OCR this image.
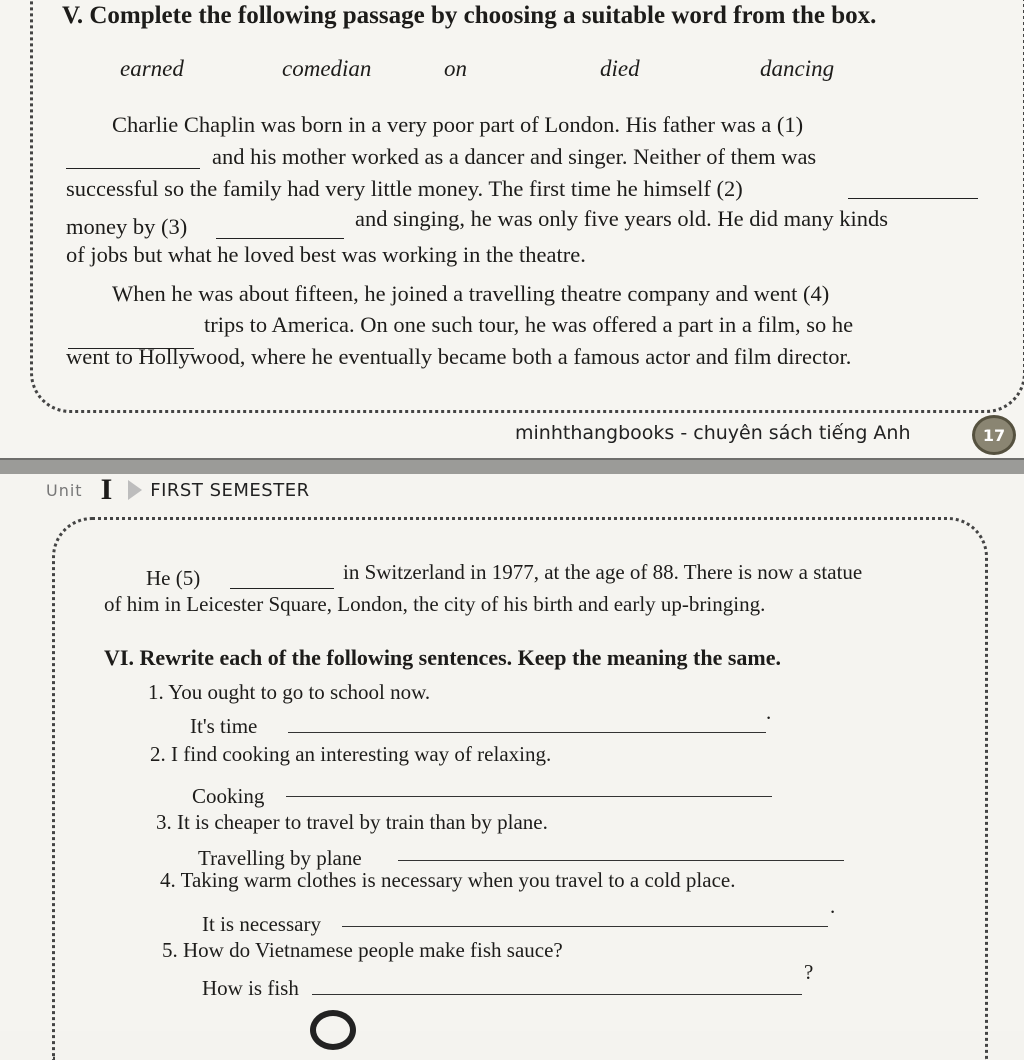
V. Complete the following passage by choosing a suitable word from the box.
earned	comedian	on	died	dancing
Charlie Chaplin was born in a very poor part of London. His father was a (1)
and his mother worked as a dancer and singer. Neither of them was
successful so the family had very little money. The first time he himself (2)
money by (3)	and singing, he was only five years old. He did many kinds
of jobs but what he loved best was working in the theatre.
When he was about fifteen, he joined a travelling theatre company and went (4)
trips to America. On one such tour, he was offered a part in a film, so he
went to Hollywood, where he eventually became both a famous actor and film director.
minhthangbooks - chuyên sách tiếng Anh	17
Unit I FIRST SEMESTER
He (5)	in Switzerland in 1977, at the age of 88. There is now a statue
of him in Leicester Square, London, the city of his birth and early up-bringing.
VI. Rewrite each of the following sentences. Keep the meaning the same.
1. You ought to go to school now.
It's time
.
2. I find cooking an interesting way of relaxing.
Cooking
3. It is cheaper to travel by train than by plane.
Travelling by plane
4. Taking warm clothes is necessary when you travel to a cold place.
It is necessary
.
5. How do Vietnamese people make fish sauce?
How is fish
?
